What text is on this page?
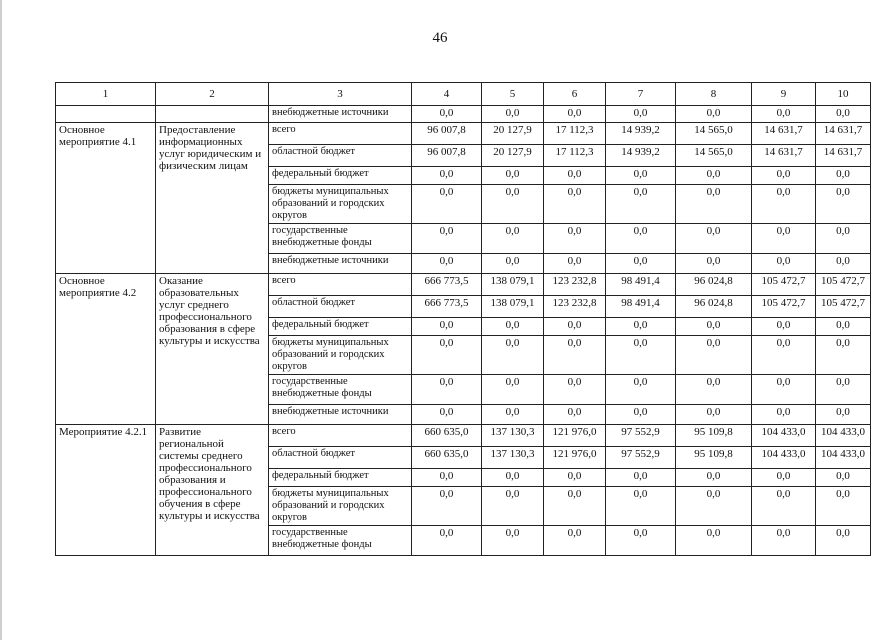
46
1	2	3	4	5	6	7	8	9	10
		внебюджетные источники	0,0	0,0	0,0	0,0	0,0	0,0	0,0
Основное мероприятие 4.1	Предоставление информационных услуг юридическим и физическим лицам	всего	96 007,8	20 127,9	17 112,3	14 939,2	14 565,0	14 631,7	14 631,7
		областной бюджет	96 007,8	20 127,9	17 112,3	14 939,2	14 565,0	14 631,7	14 631,7
		федеральный бюджет	0,0	0,0	0,0	0,0	0,0	0,0	0,0
		бюджеты муниципальных образований и городских округов	0,0	0,0	0,0	0,0	0,0	0,0	0,0
		государственные внебюджетные фонды	0,0	0,0	0,0	0,0	0,0	0,0	0,0
		внебюджетные источники	0,0	0,0	0,0	0,0	0,0	0,0	0,0
Основное мероприятие 4.2	Оказание образовательных услуг среднего профессионального образования в сфере культуры и искусства	всего	666 773,5	138 079,1	123 232,8	98 491,4	96 024,8	105 472,7	105 472,7
		областной бюджет	666 773,5	138 079,1	123 232,8	98 491,4	96 024,8	105 472,7	105 472,7
		федеральный бюджет	0,0	0,0	0,0	0,0	0,0	0,0	0,0
		бюджеты муниципальных образований и городских округов	0,0	0,0	0,0	0,0	0,0	0,0	0,0
		государственные внебюджетные фонды	0,0	0,0	0,0	0,0	0,0	0,0	0,0
		внебюджетные источники	0,0	0,0	0,0	0,0	0,0	0,0	0,0
Мероприятие 4.2.1	Развитие региональной системы среднего профессионального образования и профессионального обучения в сфере культуры и искусства	всего	660 635,0	137 130,3	121 976,0	97 552,9	95 109,8	104 433,0	104 433,0
		областной бюджет	660 635,0	137 130,3	121 976,0	97 552,9	95 109,8	104 433,0	104 433,0
		федеральный бюджет	0,0	0,0	0,0	0,0	0,0	0,0	0,0
		бюджеты муниципальных образований и городских округов	0,0	0,0	0,0	0,0	0,0	0,0	0,0
		государственные внебюджетные фонды	0,0	0,0	0,0	0,0	0,0	0,0	0,0
